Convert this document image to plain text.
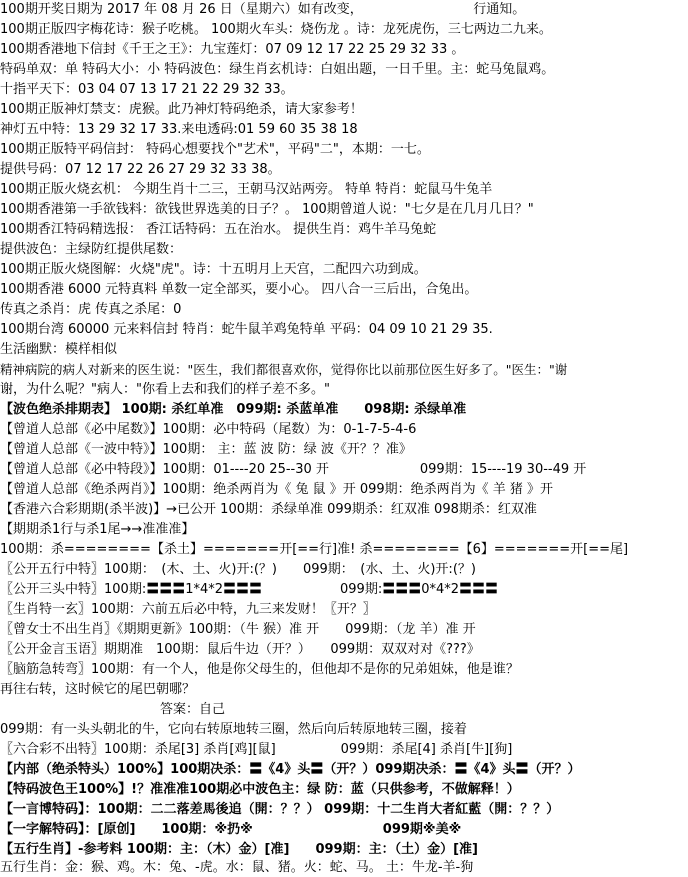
100期开奖日期为 2017 年 08 月 26 日（星期六）如有改变，　　　　　　　　　行通知。
100期正版四字梅花诗：猴子吃桃。 100期火车头：烧伤龙 。诗：龙死虎伤，三七两边二九来。
100期香港地下信封《千王之王》：九宝莲灯：07 09 12 17 22 25 29 32 33 。
特码单双：单 特码大小：小 特码波色：绿生肖玄机诗：白姐出题，一日千里。主：蛇马兔鼠鸡。
十指平天下：03 04 07 13 17 21 22 29 32 33。
100期正版神灯禁支：虎猴。此乃神灯特码绝杀，请大家参考！
神灯五中特：13 29 32 17 33.来电透码:01 59 60 35 38 18
100期正版特平码信封： 特码心想要找个"艺术"，平码"二"，本期：一七。
提供号码：07 12 17 22 26 27 29 32 33 38。
100期正版火烧玄机： 今期生肖十二三，王朝马汉站两旁。 特单 特肖：蛇鼠马牛兔羊
100期香港第一手欲钱料：欲钱世界选美的日子？。 100期曾道人说："七夕是在几月几日？"
100期香江特码精选报： 香江话特码：五在治水。 提供生肖：鸡牛羊马兔蛇
提供波色：主绿防红提供尾数：
100期正版火烧图解：火烧"虎"。诗：十五明月上天宫，二配四六功到成。
100期香港 6000 元特真料 单数一定全部买，要小心。 四八合一三后出，合兔出。
传真之杀肖：虎 传真之杀尾：0
100期台湾 60000 元来料信封 特肖：蛇牛鼠羊鸡兔特单 平码：04 09 10 21 29 35.
生活幽默：模样相似
精神病院的病人对新来的医生说："医生，我们都很喜欢你，觉得你比以前那位医生好多了。"医生："谢
谢，为什么呢？"病人："你看上去和我们的样子差不多。"
【波色绝杀排期表】 100期: 杀红单准　099期: 杀蓝单准　　098期: 杀绿单准
【曾道人总部《必中尾数》】100期：必中特码（尾数）为：0-1-7-5-4-6
【曾道人总部《一波中特》】100期： 主：蓝 波 防：绿 波《开？？准》
【曾道人总部《必中特段》】100期：01----20 25--30 开　　　　　　　099期：15----19 30--49 开
【曾道人总部《绝杀两肖》】100期：绝杀两肖为《 兔 鼠 》开 099期：绝杀两肖为《 羊 猪 》开
【香港六合彩期期(杀半波)】→已公开 100期：杀绿单准 099期杀：红双准 098期杀：红双准
【期期杀1行与杀1尾→→准准准】
100期：杀========【杀土】=======开[==行]准! 杀========【6】=======开[==尾]
〖公开五行中特〗100期：　(木、土、火)开:(？)　　099期：　(水、土、火)开:(？)
〖公开三头中特〗100期:〓〓〓1*4*2〓〓〓　　　　　　099期:〓〓〓0*4*2〓〓〓
〖生肖特一玄〗100期：六前五后必中特，九三来发财！〖开？〗
〖曾女士不出生肖〗《期期更新》100期：（牛 猴）准 开　　099期：（龙 羊）准 开
〖公开金言玉语〗期期准　100期：鼠后牛边（开？）　　099期：双双对对《???》
〖脑筋急转弯〗100期：有一个人，他是你父母生的，但他却不是你的兄弟姐妹，他是谁？
再往右转，这时候它的尾巴朝哪？
答案：自己
099期：有一头头朝北的牛，它向右转原地转三圈，然后向后转原地转三圈，接着
〖六合彩不出特〗100期：杀尾[3] 杀肖[鸡][鼠]　　　　　099期：杀尾[4] 杀肖[牛][狗]
【内部（绝杀特头）100%】100期决杀：〓《4》头〓（开？）099期决杀：〓《4》头〓（开？）
【特码波色王100%】!？准准准100期必中波色主：绿 防：蓝（只供参考，不做解释！）
【一言博特码】：100期：二二落差馬後追（開：？？） 099期：十二生肖大者紅藍（開：？？）
【一字解特码】：[原创]　　100期：※扔※　　　　　　　　　　099期※美※
【五行生肖】-参考料 100期：主：（木）金）[准]　　099期：主：（土）金）[准]
五行生肖：金：猴、鸡。木：兔、-虎。水：鼠、猪。火：蛇、马。 土：牛龙-羊-狗
